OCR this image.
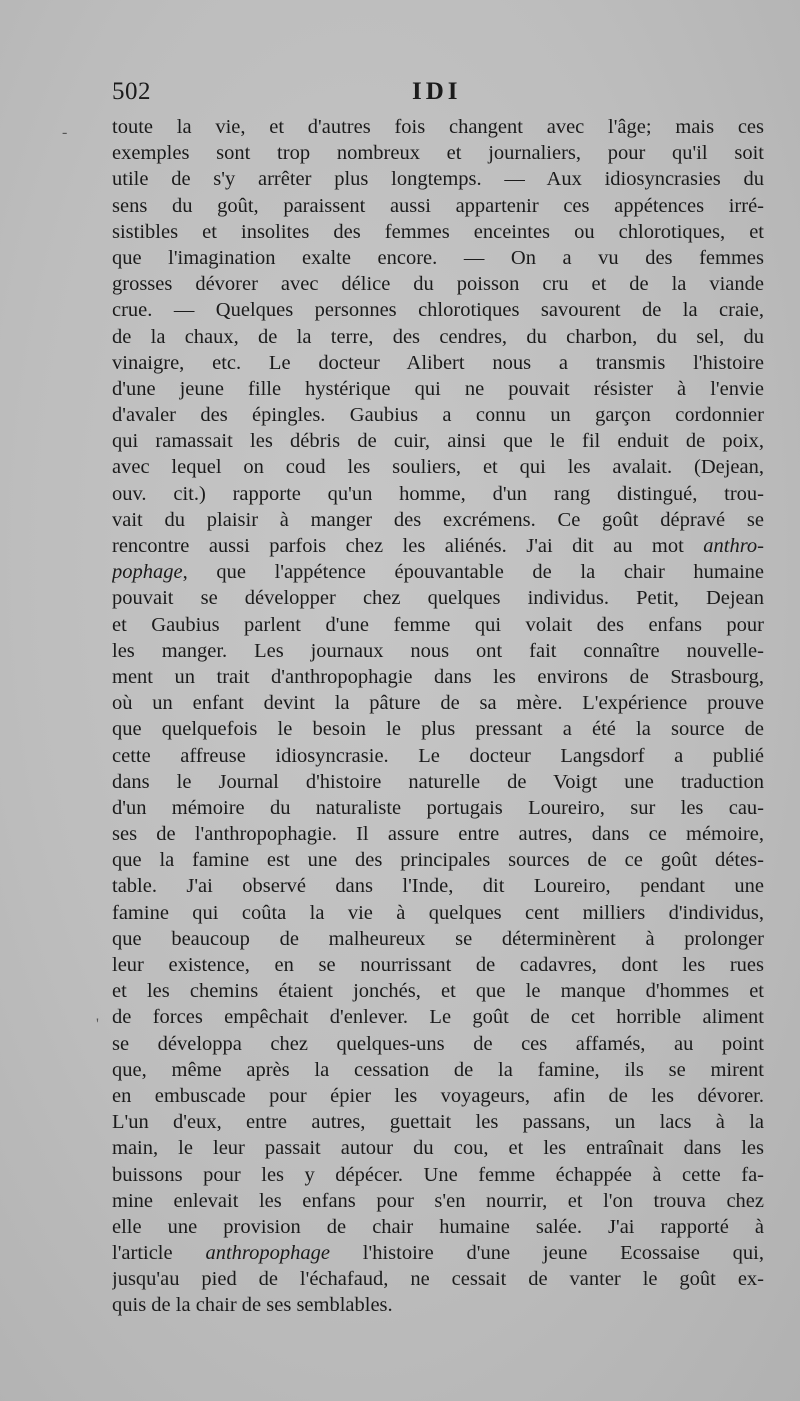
502	IDI
-
'
toute la vie, et d'autres fois changent avec l'âge; mais ces
exemples sont trop nombreux et journaliers, pour qu'il soit
utile de s'y arrêter plus longtemps. — Aux idiosyncrasies du
sens du goût, paraissent aussi appartenir ces appétences irré-
sistibles et insolites des femmes enceintes ou chlorotiques, et
que l'imagination exalte encore. — On a vu des femmes
grosses dévorer avec délice du poisson cru et de la viande
crue. — Quelques personnes chlorotiques savourent de la craie,
de la chaux, de la terre, des cendres, du charbon, du sel, du
vinaigre, etc. Le docteur Alibert nous a transmis l'histoire
d'une jeune fille hystérique qui ne pouvait résister à l'envie
d'avaler des épingles. Gaubius a connu un garçon cordonnier
qui ramassait les débris de cuir, ainsi que le fil enduit de poix,
avec lequel on coud les souliers, et qui les avalait. (Dejean,
ouv. cit.) rapporte qu'un homme, d'un rang distingué, trou-
vait du plaisir à manger des excrémens. Ce goût dépravé se
rencontre aussi parfois chez les aliénés. J'ai dit au mot anthro-
pophage, que l'appétence épouvantable de la chair humaine
pouvait se développer chez quelques individus. Petit, Dejean
et Gaubius parlent d'une femme qui volait des enfans pour
les manger. Les journaux nous ont fait connaître nouvelle-
ment un trait d'anthropophagie dans les environs de Strasbourg,
où un enfant devint la pâture de sa mère. L'expérience prouve
que quelquefois le besoin le plus pressant a été la source de
cette affreuse idiosyncrasie. Le docteur Langsdorf a publié
dans le Journal d'histoire naturelle de Voigt une traduction
d'un mémoire du naturaliste portugais Loureiro, sur les cau-
ses de l'anthropophagie. Il assure entre autres, dans ce mémoire,
que la famine est une des principales sources de ce goût détes-
table. J'ai observé dans l'Inde, dit Loureiro, pendant une
famine qui coûta la vie à quelques cent milliers d'individus,
que beaucoup de malheureux se déterminèrent à prolonger
leur existence, en se nourrissant de cadavres, dont les rues
et les chemins étaient jonchés, et que le manque d'hommes et
de forces empêchait d'enlever. Le goût de cet horrible aliment
se développa chez quelques-uns de ces affamés, au point
que, même après la cessation de la famine, ils se mirent
en embuscade pour épier les voyageurs, afin de les dévorer.
L'un d'eux, entre autres, guettait les passans, un lacs à la
main, le leur passait autour du cou, et les entraînait dans les
buissons pour les y dépécer. Une femme échappée à cette fa-
mine enlevait les enfans pour s'en nourrir, et l'on trouva chez
elle une provision de chair humaine salée. J'ai rapporté à
l'article anthropophage l'histoire d'une jeune Ecossaise qui,
jusqu'au pied de l'échafaud, ne cessait de vanter le goût ex-
quis de la chair de ses semblables.
